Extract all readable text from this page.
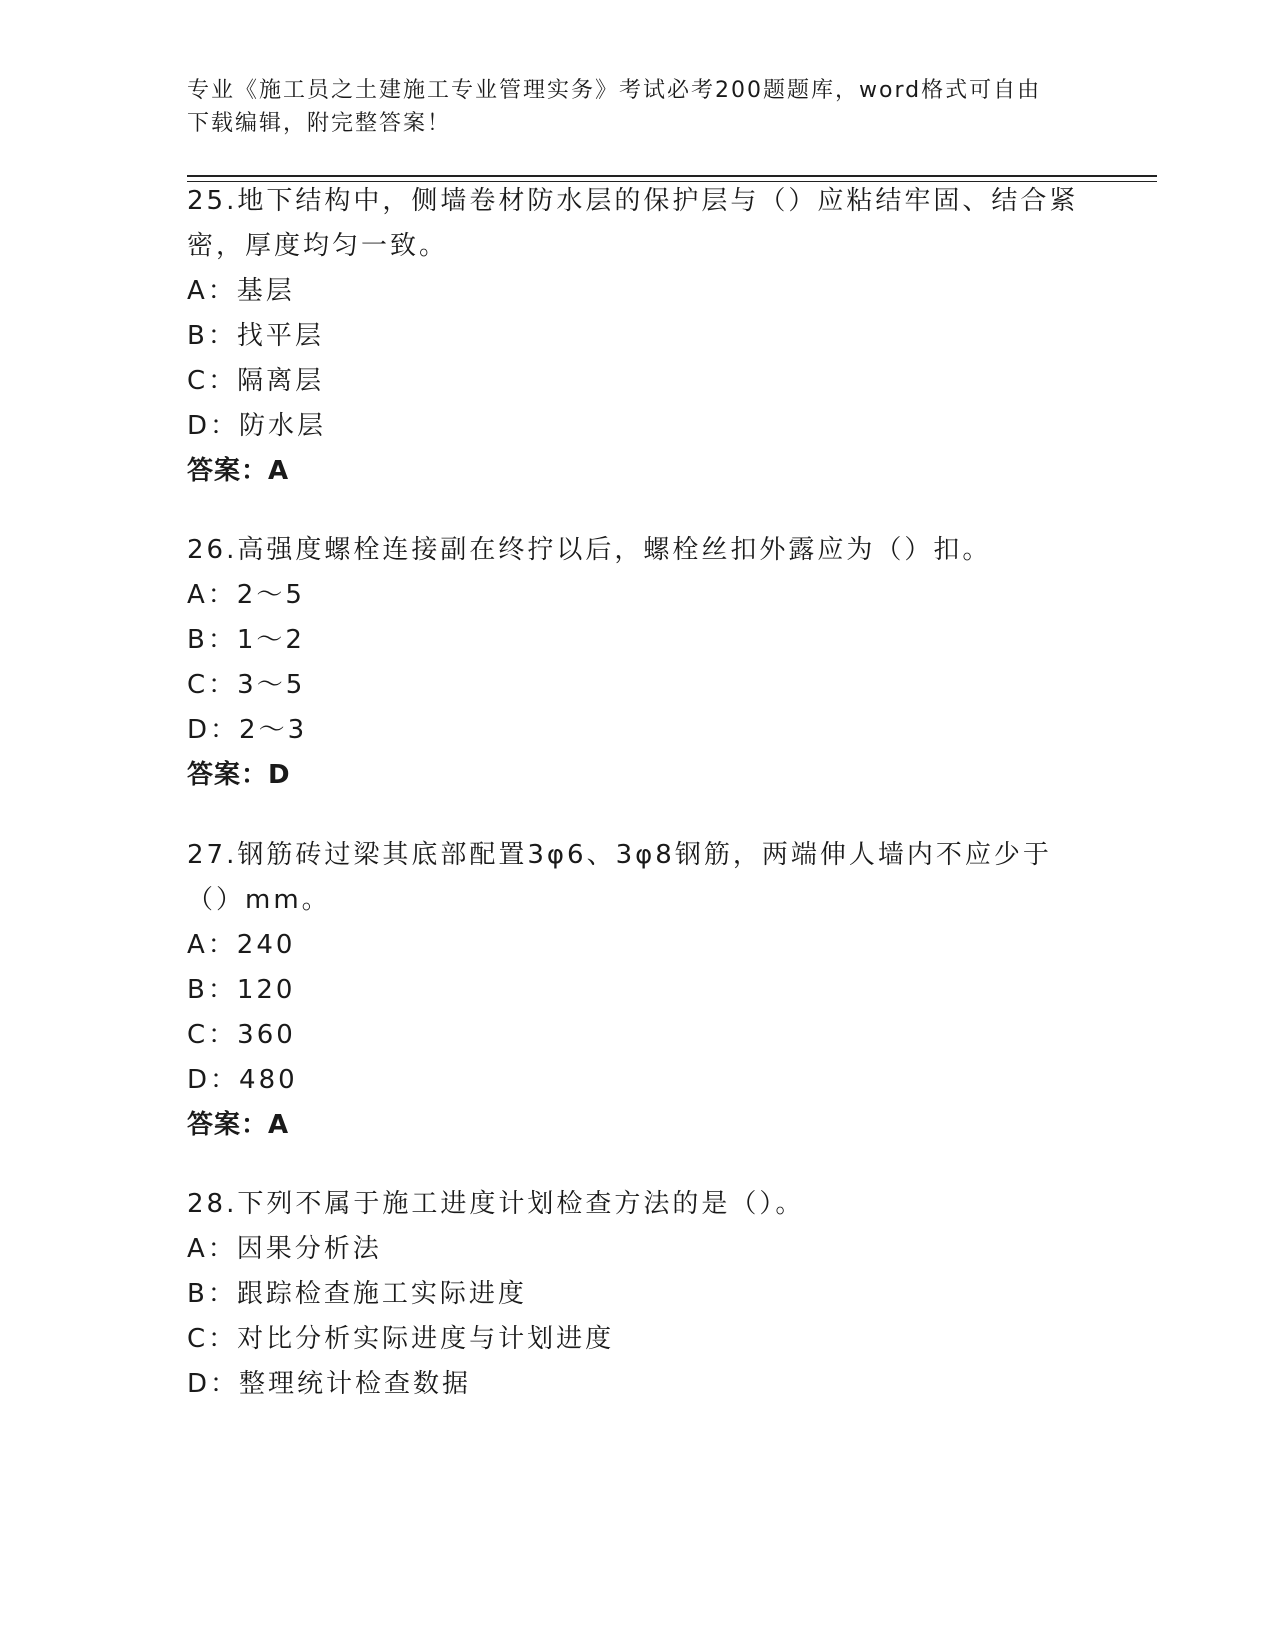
专业《施工员之土建施工专业管理实务》考试必考200题题库，word格式可自由
下载编辑，附完整答案！

25.地下结构中，侧墙卷材防水层的保护层与（）应粘结牢固、结合紧

密，厚度均匀一致。

A：基层

B：找平层

C：隔离层

D：防水层

答案：A

26.高强度螺栓连接副在终拧以后，螺栓丝扣外露应为（）扣。

A：2～5

B：1～2

C：3～5

D：2～3

答案：D

27.钢筋砖过梁其底部配置3φ6、3φ8钢筋，两端伸人墙内不应少于

（）mm。

A：240

B：120

C：360

D：480

答案：A

28.下列不属于施工进度计划检查方法的是（）。

A：因果分析法

B：跟踪检查施工实际进度

C：对比分析实际进度与计划进度

D：整理统计检查数据
